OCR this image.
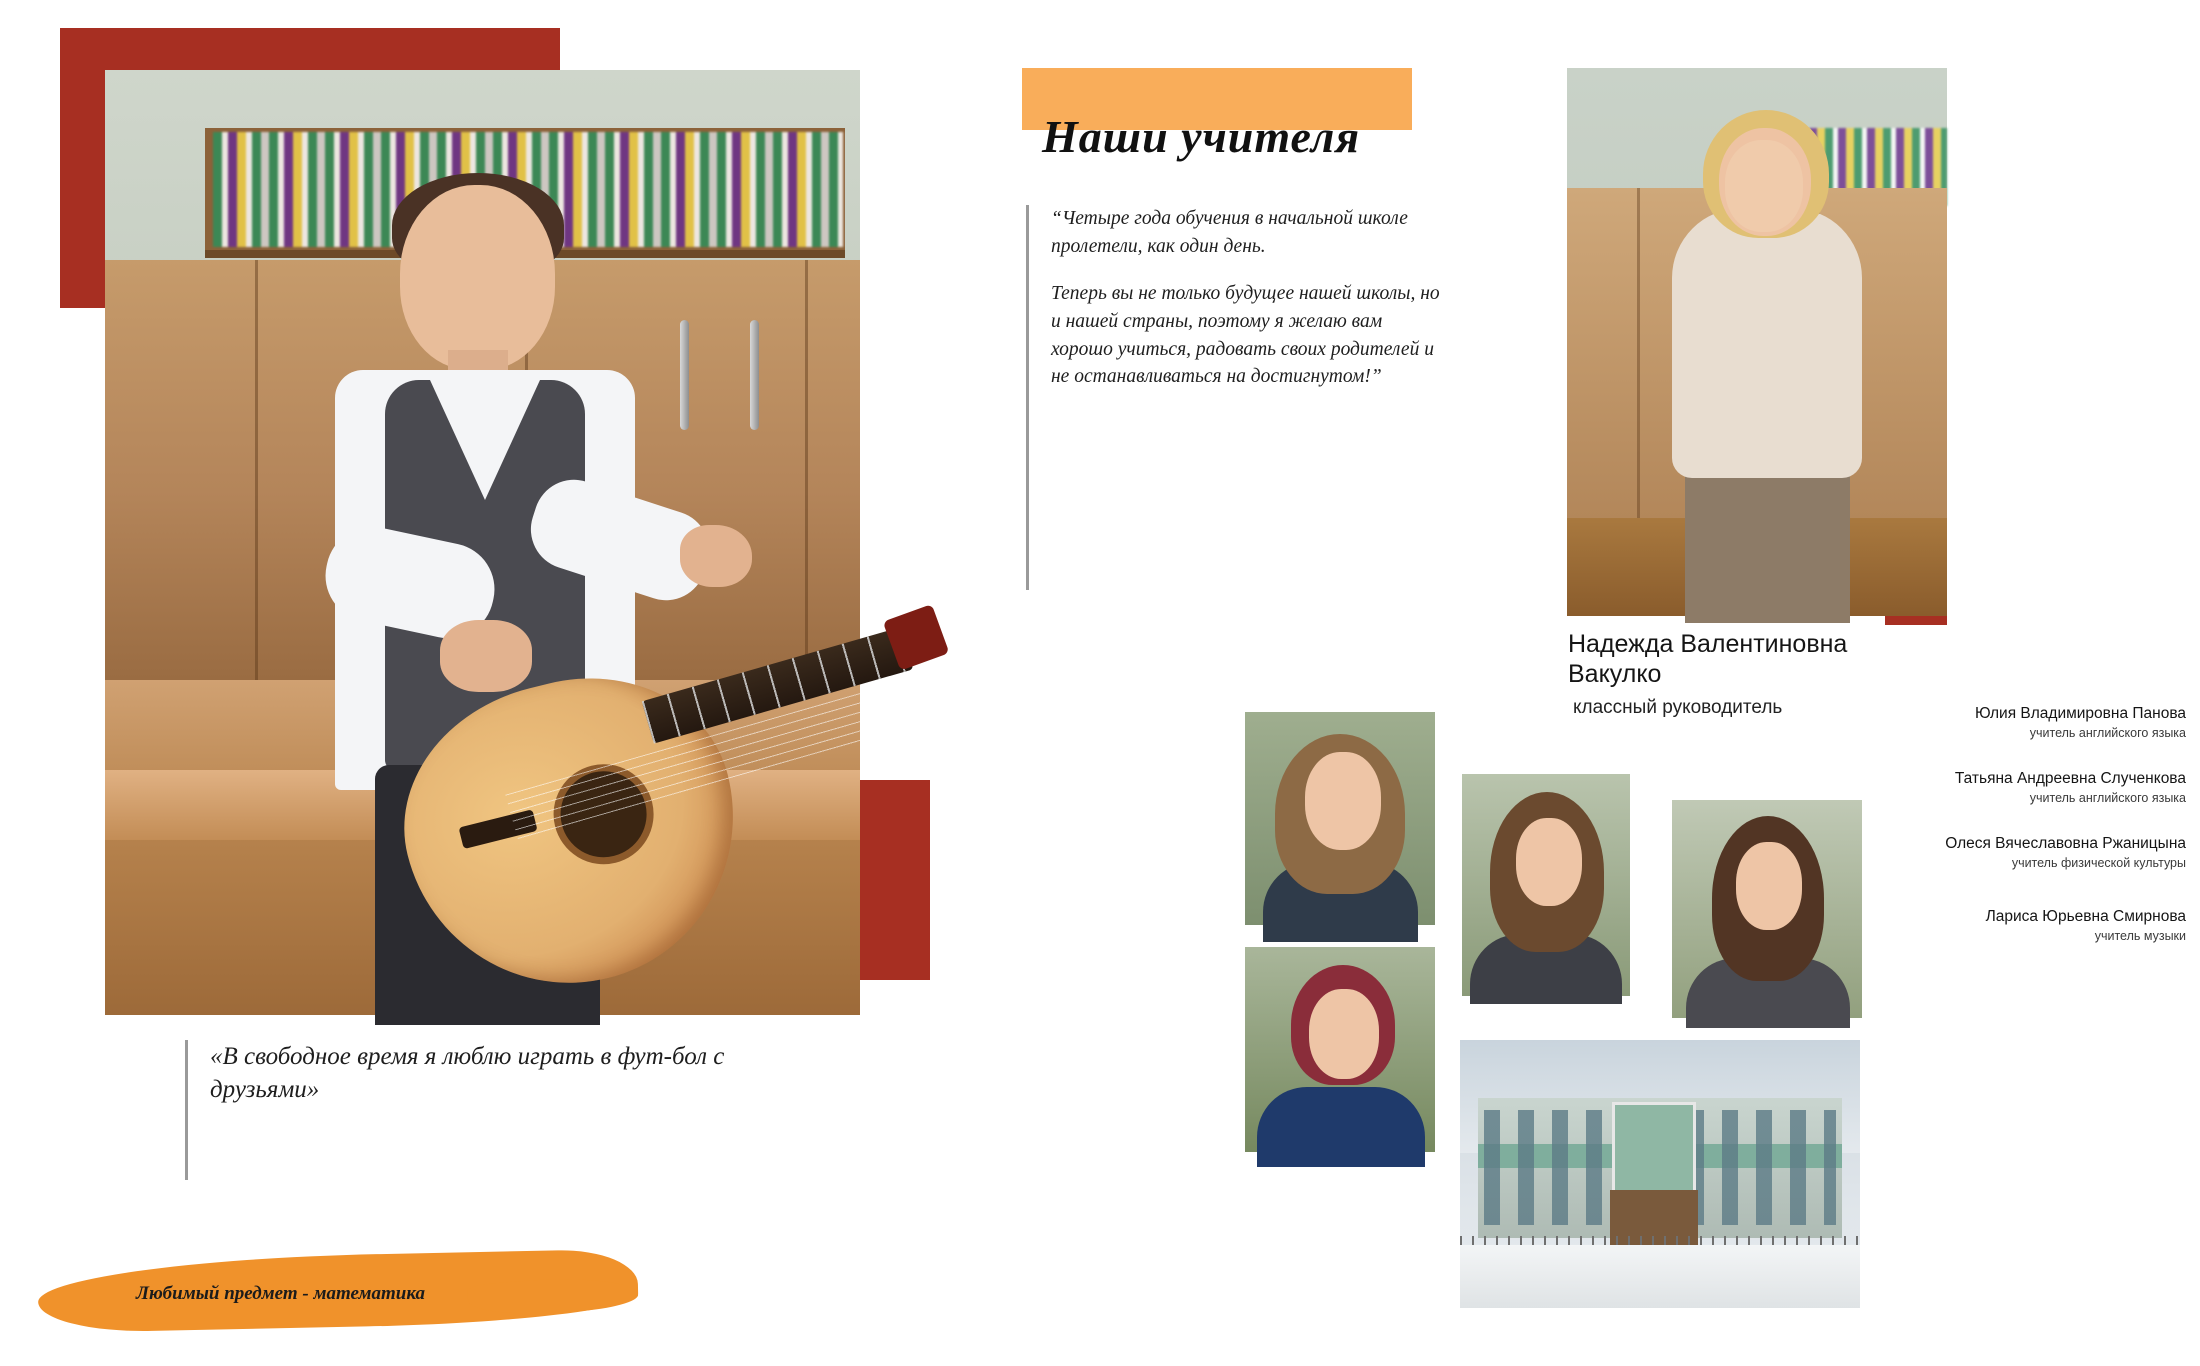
«В свободное время я люблю играть в фут-бол с друзьями»
Любимый предмет - математика
Наши учителя

“Четыре года обучения в начальной школе пролетели, как один день.

Теперь вы не только будущее нашей школы, но и нашей страны, поэтому я желаю вам хорошо учиться, радовать своих родителей и не останавливаться на достигнутом!”

Надежда Валентиновна Вакулко
классный руководитель	Юлия Владимировна Панова
учитель английского языка
Татьяна Андреевна Слученкова
учитель английского языка
Олеся Вячеславовна Ржаницына
учитель физической культуры
Лариса Юрьевна Смирнова
учитель музыки
